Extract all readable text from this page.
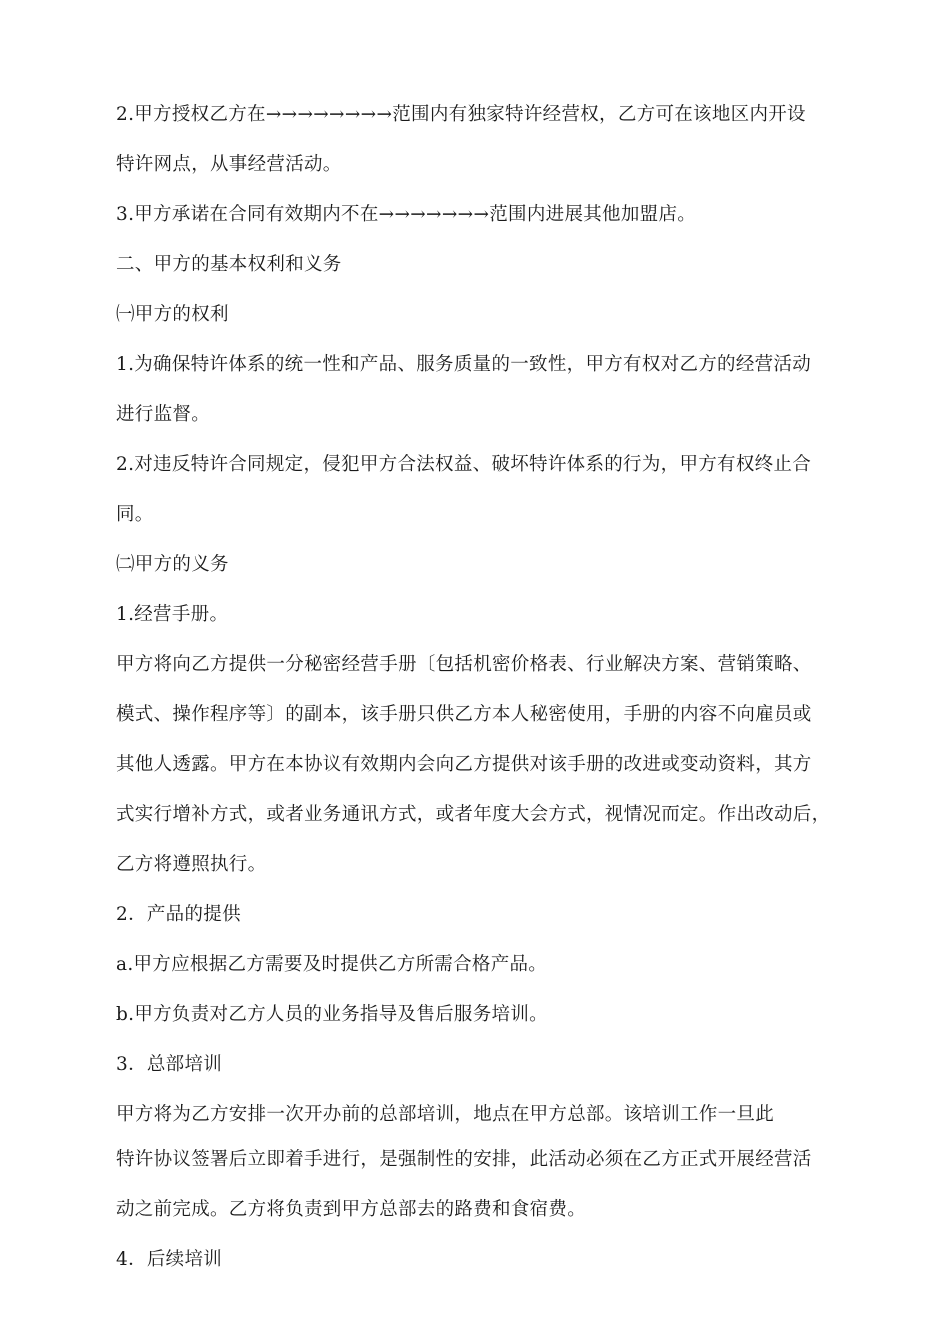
2.甲方授权乙方在→→→→→→→→范围内有独家特许经营权，乙方可在该地区内开设
特许网点，从事经营活动。
3.甲方承诺在合同有效期内不在→→→→→→→范围内进展其他加盟店。
二、甲方的基本权利和义务
㈠甲方的权利
1.为确保特许体系的统一性和产品、服务质量的一致性，甲方有权对乙方的经营活动
进行监督。
2.对违反特许合同规定，侵犯甲方合法权益、破坏特许体系的行为，甲方有权终止合
同。
㈡甲方的义务
1.经营手册。
甲方将向乙方提供一分秘密经营手册〔包括机密价格表、行业解决方案、营销策略、
模式、操作程序等〕的副本，该手册只供乙方本人秘密使用，手册的内容不向雇员或
其他人透露。甲方在本协议有效期内会向乙方提供对该手册的改进或变动资料，其方
式实行增补方式，或者业务通讯方式，或者年度大会方式，视情况而定。作出改动后，
乙方将遵照执行。
2．产品的提供
a.甲方应根据乙方需要及时提供乙方所需合格产品。
b.甲方负责对乙方人员的业务指导及售后服务培训。
3．总部培训
甲方将为乙方安排一次开办前的总部培训，地点在甲方总部。该培训工作一旦此
特许协议签署后立即着手进行，是强制性的安排，此活动必须在乙方正式开展经营活
动之前完成。乙方将负责到甲方总部去的路费和食宿费。
4．后续培训
